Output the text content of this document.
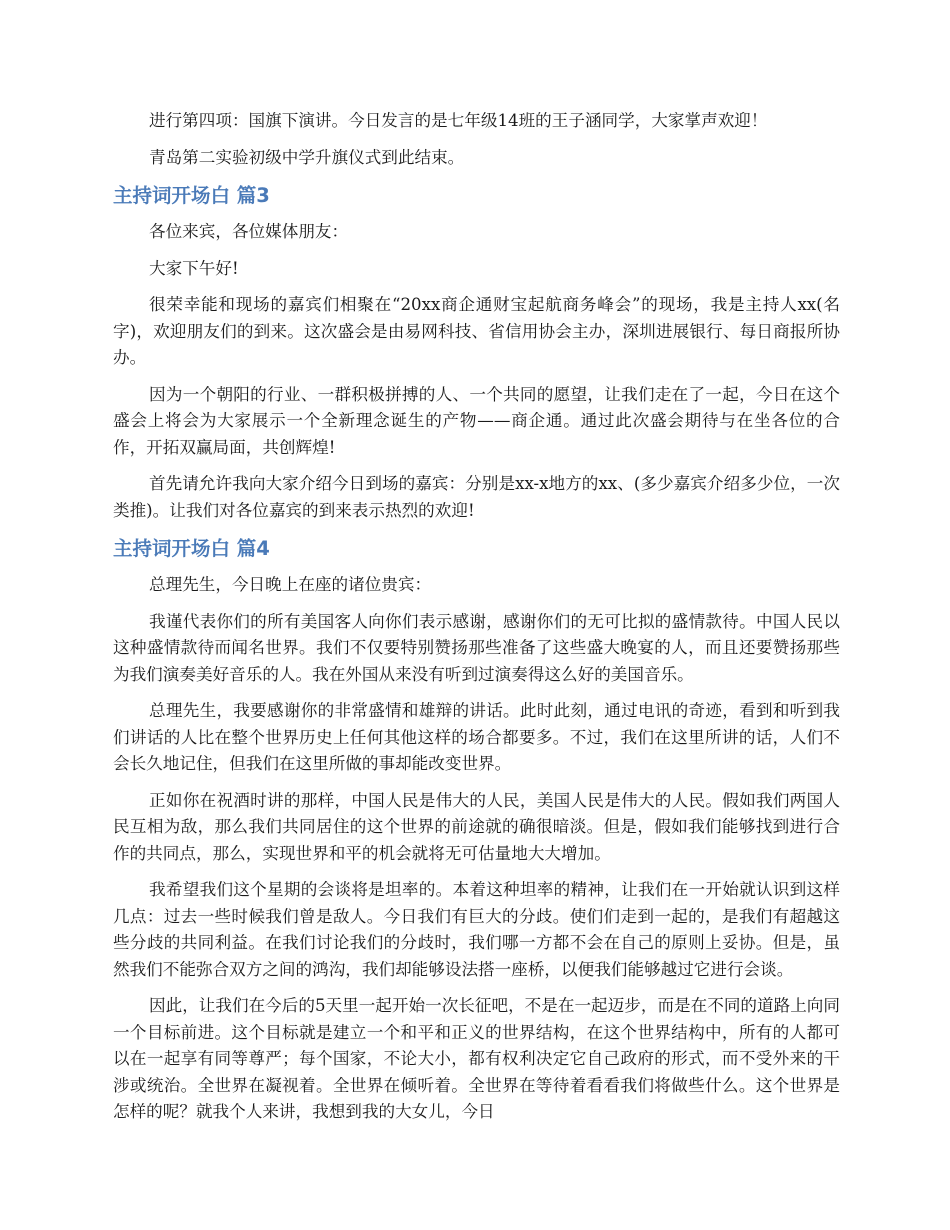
进行第四项：国旗下演讲。今日发言的是七年级14班的王子涵同学，大家掌声欢迎！

青岛第二实验初级中学升旗仪式到此结束。

主持词开场白 篇3

各位来宾，各位媒体朋友：

大家下午好!

很荣幸能和现场的嘉宾们相聚在“20xx商企通财宝起航商务峰会”的现场，我是主持人xx(名字)，欢迎朋友们的到来。这次盛会是由易网科技、省信用协会主办，深圳进展银行、每日商报所协办。

因为一个朝阳的行业、一群积极拼搏的人、一个共同的愿望，让我们走在了一起，今日在这个盛会上将会为大家展示一个全新理念诞生的产物——商企通。通过此次盛会期待与在坐各位的合作，开拓双赢局面，共创辉煌!

首先请允许我向大家介绍今日到场的嘉宾：分别是xx-x地方的xx、(多少嘉宾介绍多少位，一次类推)。让我们对各位嘉宾的到来表示热烈的欢迎!

主持词开场白 篇4

总理先生，今日晚上在座的诸位贵宾：

我谨代表你们的所有美国客人向你们表示感谢，感谢你们的无可比拟的盛情款待。中国人民以这种盛情款待而闻名世界。我们不仅要特别赞扬那些准备了这些盛大晚宴的人，而且还要赞扬那些为我们演奏美好音乐的人。我在外国从来没有听到过演奏得这么好的美国音乐。

总理先生，我要感谢你的非常盛情和雄辩的讲话。此时此刻，通过电讯的奇迹，看到和听到我们讲话的人比在整个世界历史上任何其他这样的场合都要多。不过，我们在这里所讲的话，人们不会长久地记住，但我们在这里所做的事却能改变世界。

正如你在祝酒时讲的那样，中国人民是伟大的人民，美国人民是伟大的人民。假如我们两国人民互相为敌，那么我们共同居住的这个世界的前途就的确很暗淡。但是，假如我们能够找到进行合作的共同点，那么，实现世界和平的机会就将无可估量地大大增加。

我希望我们这个星期的会谈将是坦率的。本着这种坦率的精神，让我们在一开始就认识到这样几点：过去一些时候我们曾是敌人。今日我们有巨大的分歧。使们们走到一起的，是我们有超越这些分歧的共同利益。在我们讨论我们的分歧时，我们哪一方都不会在自己的原则上妥协。但是，虽然我们不能弥合双方之间的鸿沟，我们却能够设法搭一座桥，以便我们能够越过它进行会谈。

因此，让我们在今后的5天里一起开始一次长征吧，不是在一起迈步，而是在不同的道路上向同一个目标前进。这个目标就是建立一个和平和正义的世界结构，在这个世界结构中，所有的人都可以在一起享有同等尊严；每个国家，不论大小，都有权利决定它自己政府的形式，而不受外来的干涉或统治。全世界在凝视着。全世界在倾听着。全世界在等待着看看我们将做些什么。这个世界是怎样的呢？就我个人来讲，我想到我的大女儿，今日
